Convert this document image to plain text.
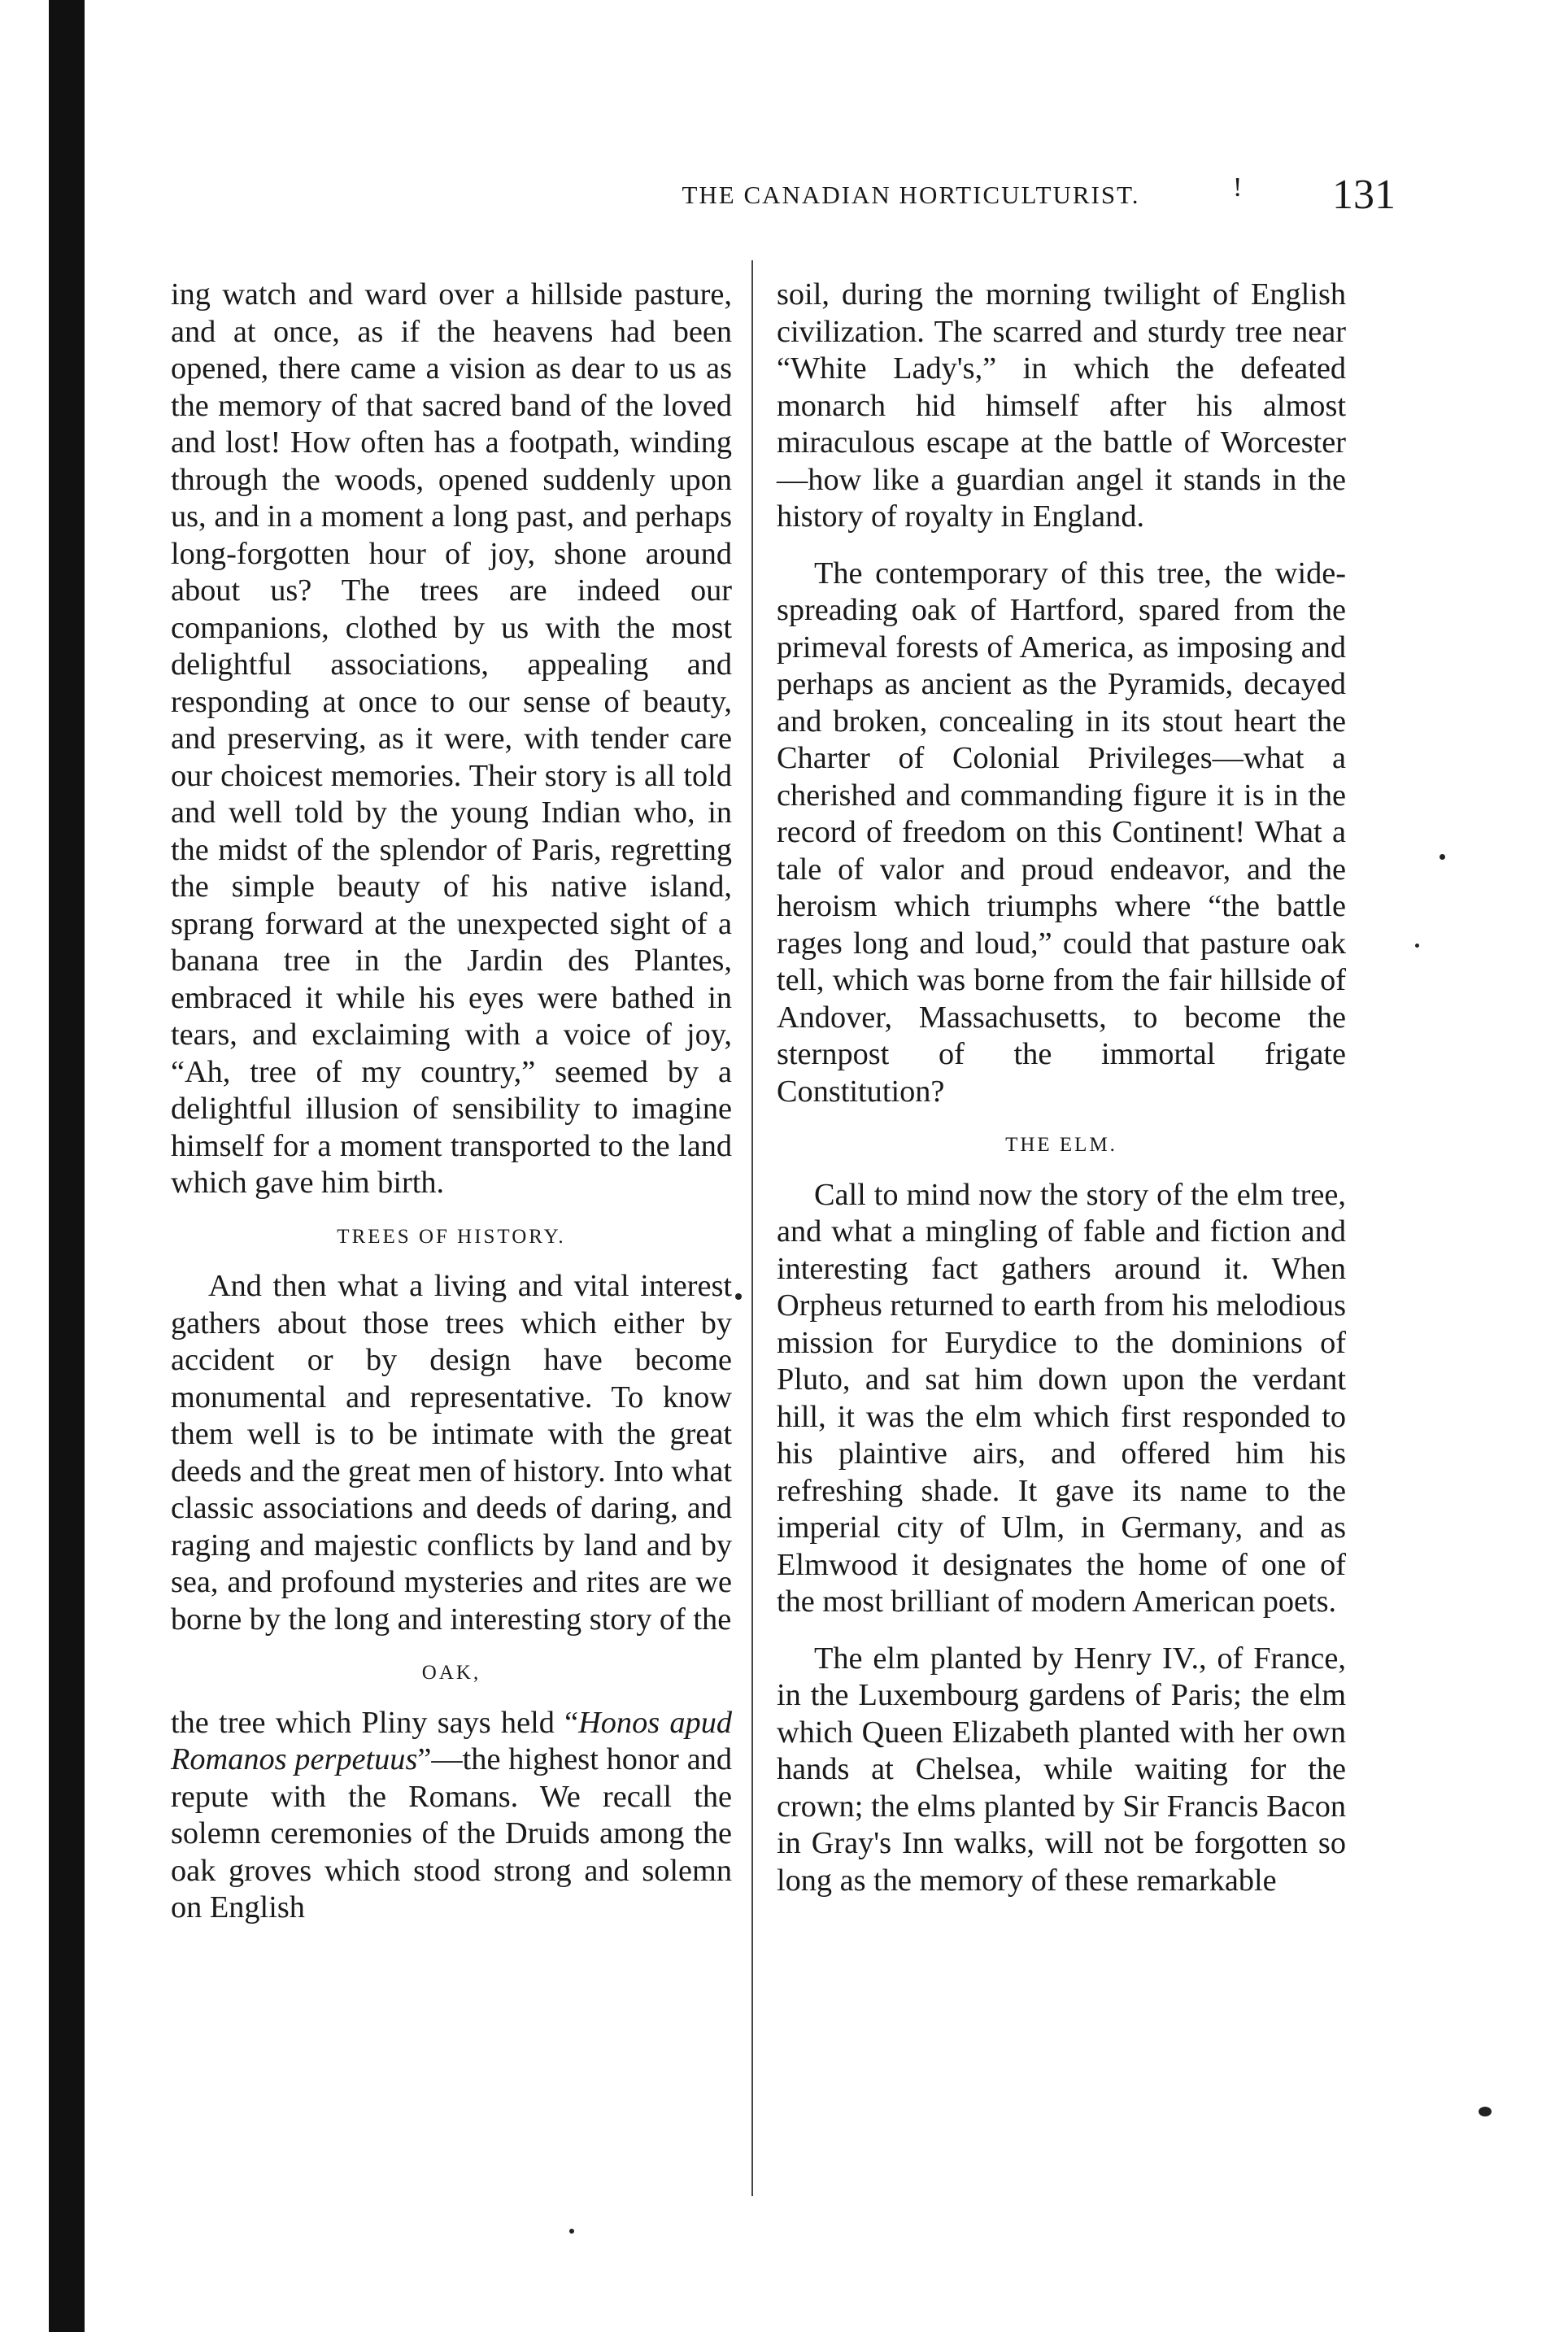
!
THE CANADIAN HORTICULTURIST.	131

ing watch and ward over a hillside pasture, and at once, as if the heavens had been opened, there came a vision as dear to us as the memory of that sacred band of the loved and lost! How often has a footpath, winding through the woods, opened suddenly upon us, and in a moment a long past, and perhaps long-forgotten hour of joy, shone around about us? The trees are indeed our companions, clothed by us with the most delightful associations, appealing and responding at once to our sense of beauty, and preserving, as it were, with tender care our choicest memories. Their story is all told and well told by the young Indian who, in the midst of the splendor of Paris, regretting the simple beauty of his native island, sprang forward at the unexpected sight of a banana tree in the Jardin des Plantes, embraced it while his eyes were bathed in tears, and exclaiming with a voice of joy, “Ah, tree of my country,” seemed by a delightful illusion of sensibility to imagine himself for a moment transported to the land which gave him birth.

TREES OF HISTORY.

And then what a living and vital interest gathers about those trees which either by accident or by design have become monumental and representative. To know them well is to be intimate with the great deeds and the great men of history. Into what classic associations and deeds of daring, and raging and majestic conflicts by land and by sea, and profound mysteries and rites are we borne by the long and interesting story of the

OAK,

the tree which Pliny says held “Honos apud Romanos perpetuus”—the highest honor and repute with the Romans. We recall the solemn ceremonies of the Druids among the oak groves which stood strong and solemn on English

soil, during the morning twilight of English civilization. The scarred and sturdy tree near “White Lady's,” in which the defeated monarch hid himself after his almost miraculous escape at the battle of Worcester—how like a guardian angel it stands in the history of royalty in England.

The contemporary of this tree, the wide-spreading oak of Hartford, spared from the primeval forests of America, as imposing and perhaps as ancient as the Pyramids, decayed and broken, concealing in its stout heart the Charter of Colonial Privileges—what a cherished and commanding figure it is in the record of freedom on this Continent! What a tale of valor and proud endeavor, and the heroism which triumphs where “the battle rages long and loud,” could that pasture oak tell, which was borne from the fair hillside of Andover, Massachusetts, to become the sternpost of the immortal frigate Constitution?

THE ELM.

Call to mind now the story of the elm tree, and what a mingling of fable and fiction and interesting fact gathers around it. When Orpheus returned to earth from his melodious mission for Eurydice to the dominions of Pluto, and sat him down upon the verdant hill, it was the elm which first responded to his plaintive airs, and offered him his refreshing shade. It gave its name to the imperial city of Ulm, in Germany, and as Elmwood it designates the home of one of the most brilliant of modern American poets.

The elm planted by Henry IV., of France, in the Luxembourg gardens of Paris; the elm which Queen Elizabeth planted with her own hands at Chelsea, while waiting for the crown; the elms planted by Sir Francis Bacon in Gray's Inn walks, will not be forgotten so long as the memory of these remarkable
